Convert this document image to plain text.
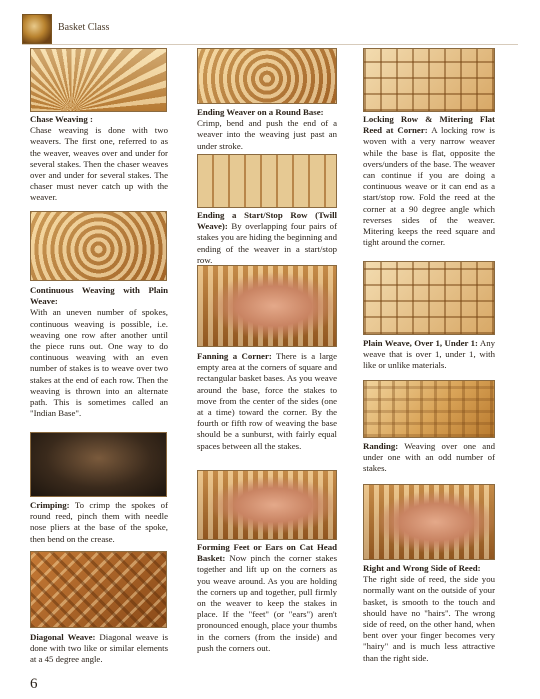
Basket Class

Chase Weaving :
Chase weaving is done with two weavers. The first one, referred to as the weaver, weaves over and under for several stakes. Then the chaser weaves over and under for several stakes. The chaser must never catch up with the weaver.

Continuous Weaving with Plain Weave:
With an uneven number of spokes, continuous weaving is possible, i.e. weaving one row after another until the piece runs out. One way to do continuous weaving with an even number of stakes is to weave over two stakes at the end of each row. Then the weaving is thrown into an alternate path. This is sometimes called an "Indian Base".

Crimping: To crimp the spokes of round reed, pinch them with needle nose pliers at the base of the spoke, then bend on the crease.

Diagonal Weave: Diagonal weave is done with two like or similar elements at a 45 degree angle.

Ending Weaver on a Round Base:
Crimp, bend and push the end of a weaver into the weaving just past an under stroke.

Ending a Start/Stop Row (Twill Weave): By overlapping four pairs of stakes you are hiding the beginning and ending of the weaver in a start/stop row.

Fanning a Corner: There is a large empty area at the corners of square and rectangular basket bases. As you weave around the base, force the stakes to move from the center of the sides (one at a time) toward the corner. By the fourth or fifth row of weaving the base should be a sunburst, with fairly equal spaces between all the stakes.

Forming Feet or Ears on Cat Head Basket: Now pinch the corner stakes together and lift up on the corners as you weave around. As you are holding the corners up and together, pull firmly on the weaver to keep the stakes in place. If the "feet" (or "ears") aren't pronounced enough, place your thumbs in the corners (from the inside) and push the corners out.

Locking Row & Mitering Flat Reed at Corner: A locking row is woven with a very narrow weaver while the base is flat, opposite the overs/unders of the base. The weaver can continue if you are doing a continuous weave or it can end as a start/stop row. Fold the reed at the corner at a 90 degree angle which reverses sides of the weaver. Mitering keeps the reed square and tight around the corner.

Plain Weave, Over 1, Under 1: Any weave that is over 1, under 1, with like or unlike materials.

Randing: Weaving over one and under one with an odd number of stakes.

Right and Wrong Side of Reed:
The right side of reed, the side you normally want on the outside of your basket, is smooth to the touch and should have no "hairs". The wrong side of reed, on the other hand, when bent over your finger becomes very "hairy" and is much less attractive than the right side.

6
